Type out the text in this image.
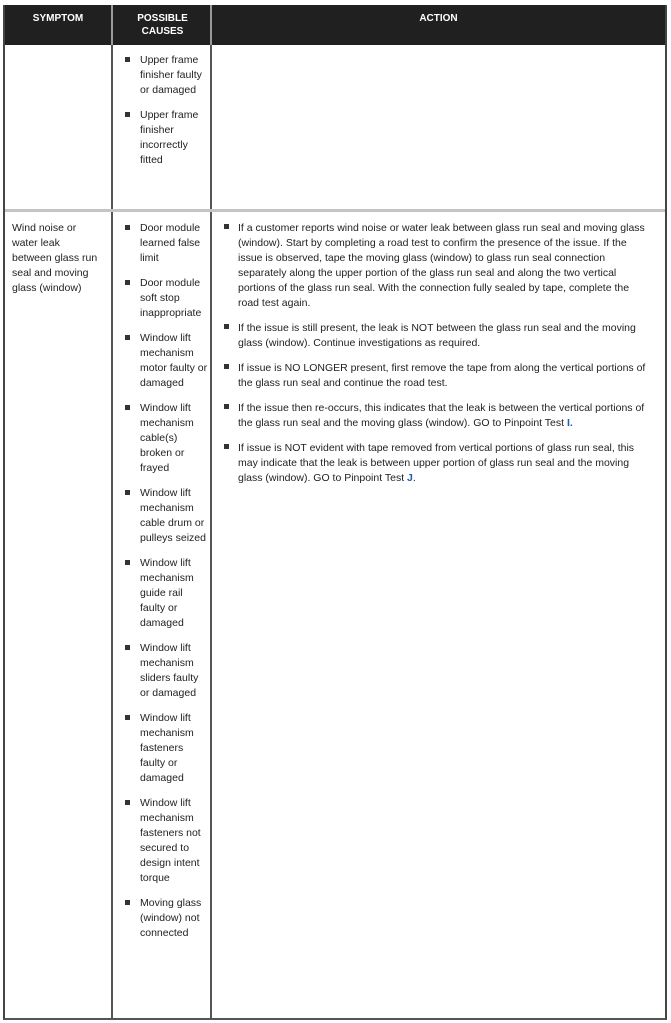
SYMPTOM	POSSIBLE
CAUSES
ACTION
Upper frame finisher faulty or damaged
Upper frame finisher incorrectly fitted
Wind noise or water leak between glass run seal and moving glass (window)
Door module learned false limit
Door module soft stop inappropriate
Window lift mechanism motor faulty or damaged
Window lift mechanism cable(s) broken or frayed
Window lift mechanism cable drum or pulleys seized
Window lift mechanism guide rail faulty or damaged
Window lift mechanism sliders faulty or damaged
Window lift mechanism fasteners faulty or damaged
Window lift mechanism fasteners not secured to design intent torque
Moving glass (window) not connected
If a customer reports wind noise or water leak between glass run seal and moving glass (window). Start by completing a road test to confirm the presence of the issue. If the issue is observed, tape the moving glass (window) to glass run seal connection separately along the upper portion of the glass run seal and along the two vertical portions of the glass run seal. With the connection fully sealed by tape, complete the road test again.
If the issue is still present, the leak is NOT between the glass run seal and the moving glass (window). Continue investigations as required.
If issue is NO LONGER present, first remove the tape from along the vertical portions of the glass run seal and continue the road test.
If the issue then re-occurs, this indicates that the leak is between the vertical portions of the glass run seal and the moving glass (window). GO to Pinpoint Test I.
If issue is NOT evident with tape removed from vertical portions of glass run seal, this may indicate that the leak is between upper portion of glass run seal and the moving glass (window). GO to Pinpoint Test J.
